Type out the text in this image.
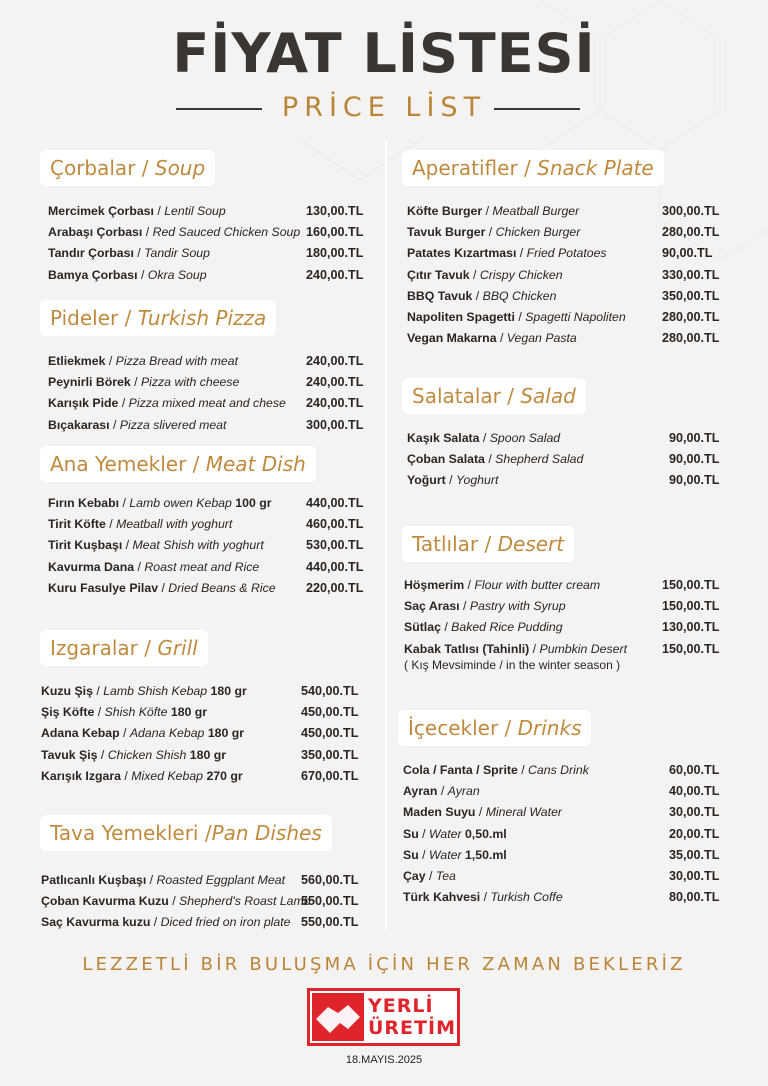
FİYAT LİSTESİ
PRİCE LİST
Çorbalar / Soup
Mercimek Çorbası / Lentil Soup	130,00.TL
Arabaşı Çorbası / Red Sauced Chicken Soup 160,00.TL
Tandır Çorbası / Tandir Soup	180,00.TL
Bamya Çorbası / Okra Soup	240,00.TL
Pideler / Turkish Pizza
Etliekmek / Pizza Bread with meat	240,00.TL
Peynirli Börek / Pizza with cheese	240,00.TL
Karışık Pide / Pizza mixed meat and chese 240,00.TL
Bıçakarası / Pizza slivered meat	300,00.TL
Ana Yemekler / Meat Dish
Fırın Kebabı / Lamb owen Kebap 100 gr	440,00.TL
Tirit Köfte / Meatball with yoghurt	460,00.TL
Tirit Kuşbaşı / Meat Shish with yoghurt	530,00.TL
Kavurma Dana / Roast meat and Rice	440,00.TL
Kuru Fasulye Pilav / Dried Beans & Rice 220,00.TL
Izgaralar / Grill
Kuzu Şiş / Lamb Shish Kebap 180 gr	540,00.TL
Şiş Köfte / Shish Köfte 180 gr	450,00.TL
Adana Kebap / Adana Kebap 180 gr	450,00.TL
Tavuk Şiş / Chicken Shish 180 gr	350,00.TL
Karışık Izgara / Mixed Kebap 270 gr	670,00.TL
Tava Yemekleri /Pan Dishes
Patlıcanlı Kuşbaşı / Roasted Eggplant Meat 560,00.TL
Çoban Kavurma Kuzu / Shepherd's Roast Lamb
550,00.TL
Saç Kavurma kuzu / Diced fried on iron plate 550,00.TL
Aperatifler / Snack Plate
Köfte Burger / Meatball Burger	300,00.TL
Tavuk Burger / Chicken Burger	280,00.TL
Patates Kızartması / Fried Potatoes	90,00.TL
Çıtır Tavuk / Crispy Chicken	330,00.TL
BBQ Tavuk / BBQ Chicken	350,00.TL
Napoliten Spagetti / Spagetti Napoliten	280,00.TL
Vegan Makarna / Vegan Pasta	280,00.TL
Salatalar / Salad
Kaşık Salata / Spoon Salad	90,00.TL
Çoban Salata / Shepherd Salad	90,00.TL
Yoğurt / Yoghurt	90,00.TL
Tatlılar / Desert
Höşmerim / Flour with butter cream	150,00.TL
Saç Arası / Pastry with Syrup	150,00.TL
Sütlaç / Baked Rice Pudding	130,00.TL
Kabak Tatlısı (Tahinli) / Pumbkin Desert	150,00.TL
( Kış Mevsiminde / in the winter season )
İçecekler / Drinks
Cola / Fanta / Sprite / Cans Drink	60,00.TL
Ayran / Ayran	40,00.TL
Maden Suyu / Mineral Water	30,00.TL
Su / Water 0,50.ml	20,00.TL
Su / Water 1,50.ml	35,00.TL
Çay / Tea	30,00.TL
Türk Kahvesi / Turkish Coffe	80,00.TL
LEZZETLİ BİR BULUŞMA İÇİN HER ZAMAN BEKLERİZ
YERLİ
ÜRETİM
18.MAYIS.2025
